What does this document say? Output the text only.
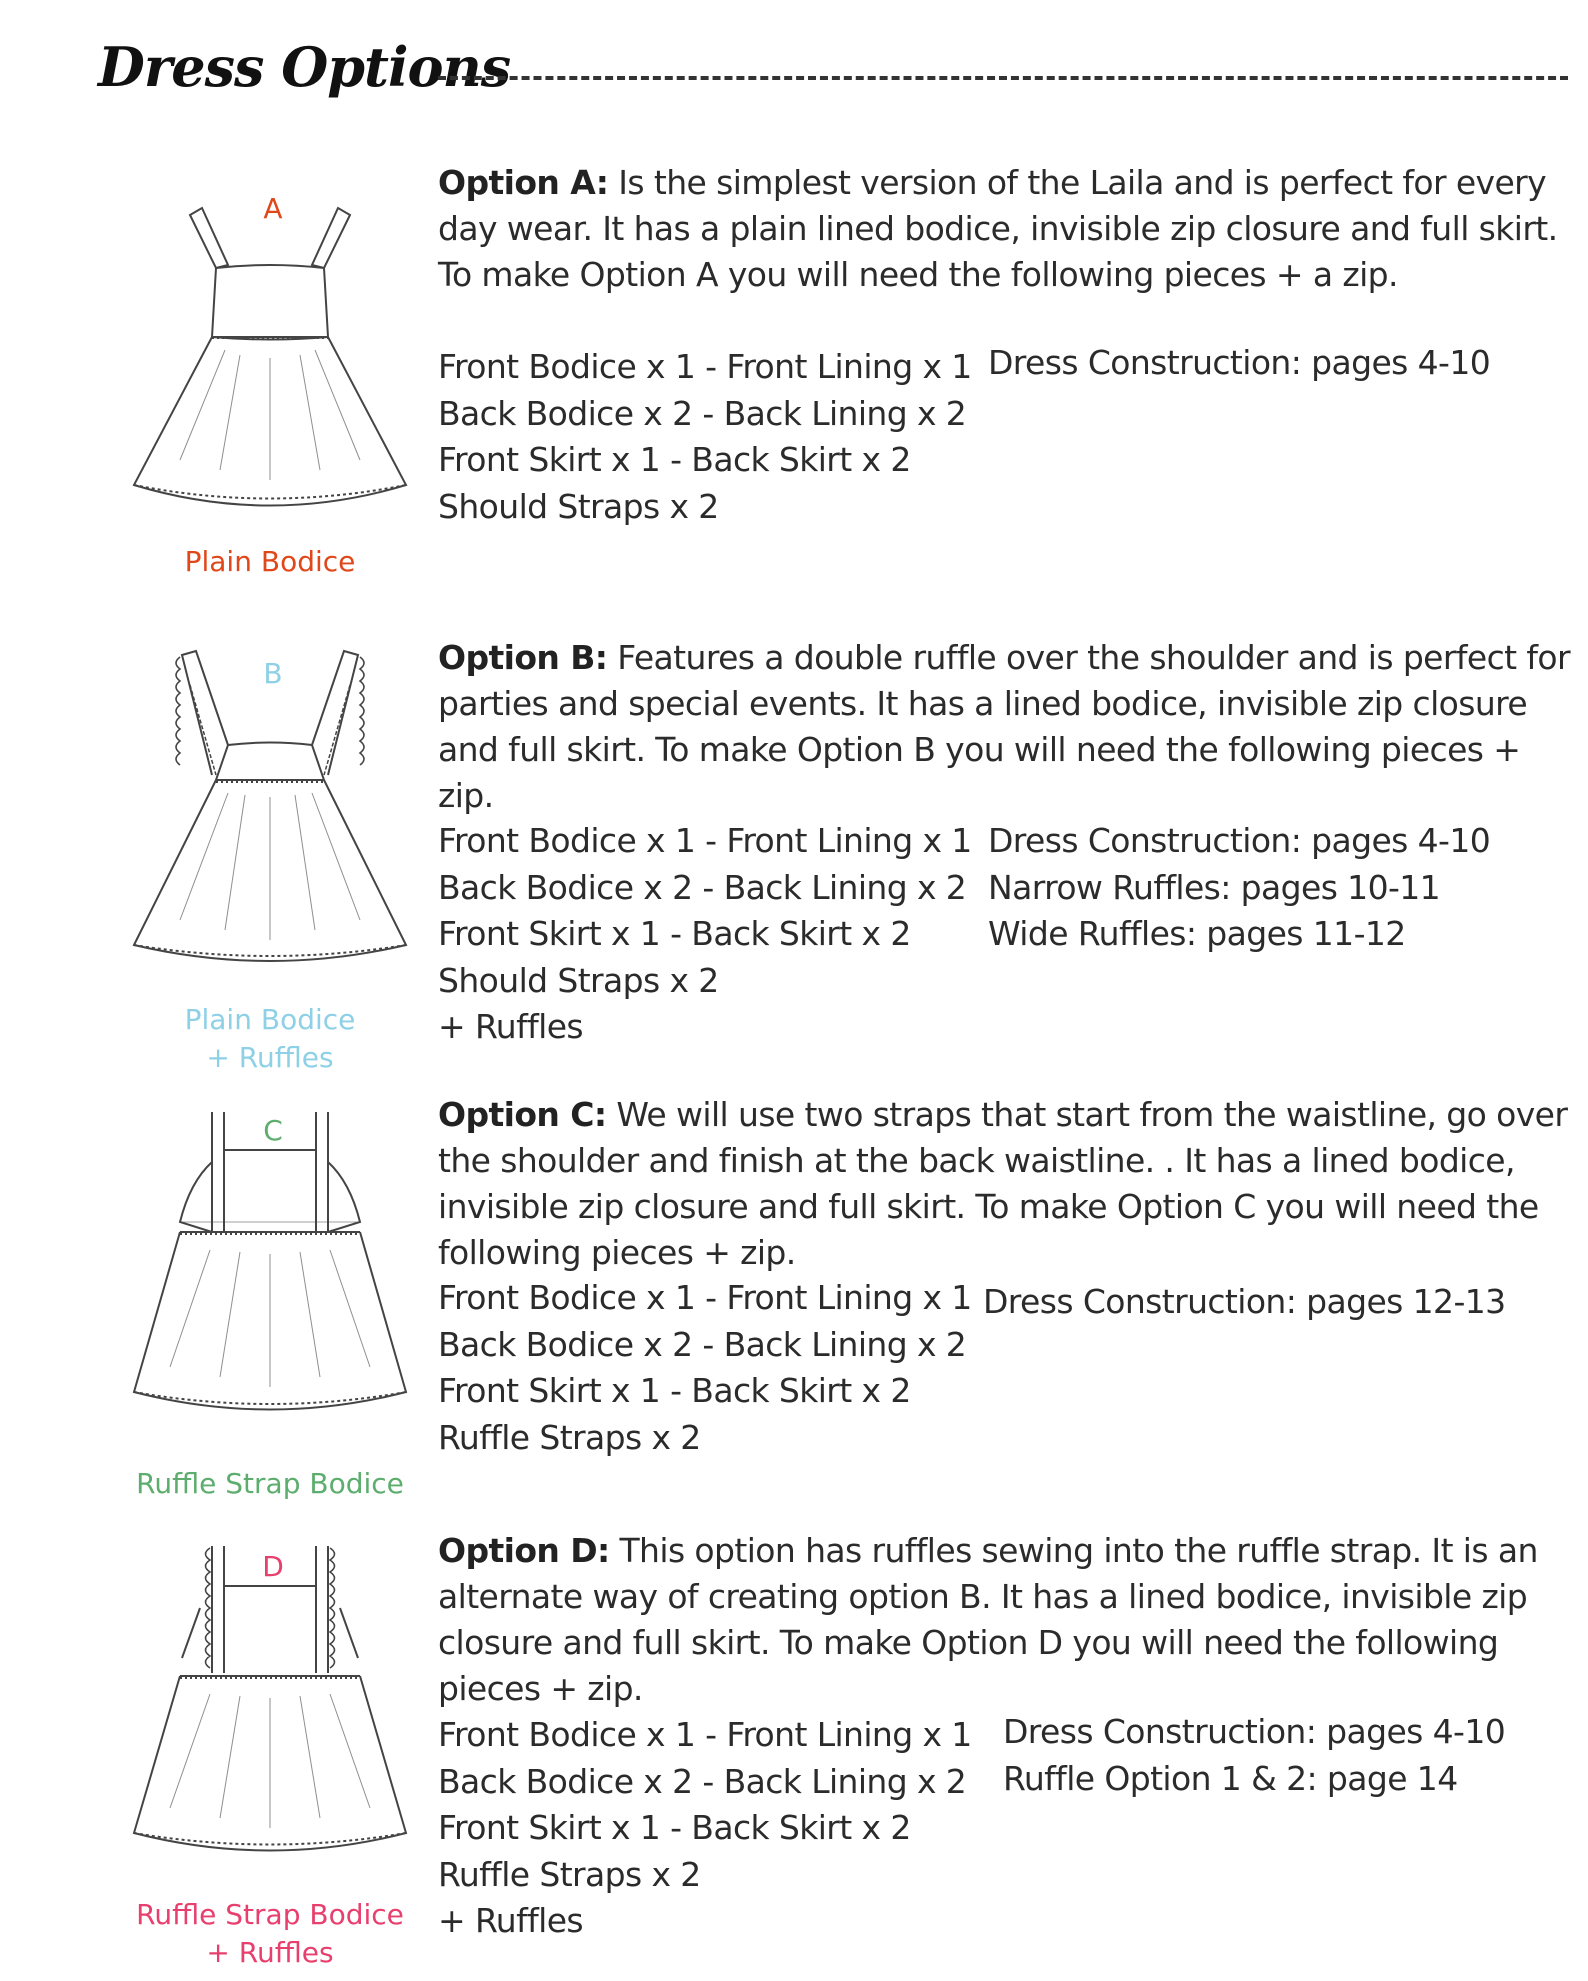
Dress Options
A
Plain Bodice

Option A: Is the simplest version of the Laila and is perfect for every day wear. It has a plain lined bodice, invisible zip closure and full skirt. To make Option A you will need the following pieces + a zip.

Front Bodice x 1 - Front Lining x 1
Back Bodice x 2 - Back Lining x 2
Front Skirt x 1 - Back Skirt x 2
Should Straps x 2
Dress Construction: pages 4-10
B
Plain Bodice
+ Ruffles

Option B: Features a double ruffle over the shoulder and is perfect for parties and special events. It has a lined bodice, invisible zip closure and full skirt. To make Option B you will need the following pieces + zip.

Front Bodice x 1 - Front Lining x 1
Back Bodice x 2 - Back Lining x 2
Front Skirt x 1 - Back Skirt x 2
Should Straps x 2
+ Ruffles
Dress Construction: pages 4-10
Narrow Ruffles: pages 10-11
Wide Ruffles: pages 11-12
C
Ruffle Strap Bodice

Option C: We will use two straps that start from the waistline, go over the shoulder and finish at the back waistline. . It has a lined bodice, invisible zip closure and full skirt. To make Option C you will need the following pieces + zip.

Front Bodice x 1 - Front Lining x 1
Back Bodice x 2 - Back Lining x 2
Front Skirt x 1 - Back Skirt x 2
Ruffle Straps x 2
Dress Construction: pages 12-13
D
Ruffle Strap Bodice
+ Ruffles

Option D: This option has ruffles sewing into the ruffle strap. It is an alternate way of creating option B. It has a lined bodice, invisible zip closure and full skirt. To make Option D you will need the following pieces + zip.

Front Bodice x 1 - Front Lining x 1
Back Bodice x 2 - Back Lining x 2
Front Skirt x 1 - Back Skirt x 2
Ruffle Straps x 2
+ Ruffles
Dress Construction: pages 4-10
Ruffle Option 1 & 2: page 14
